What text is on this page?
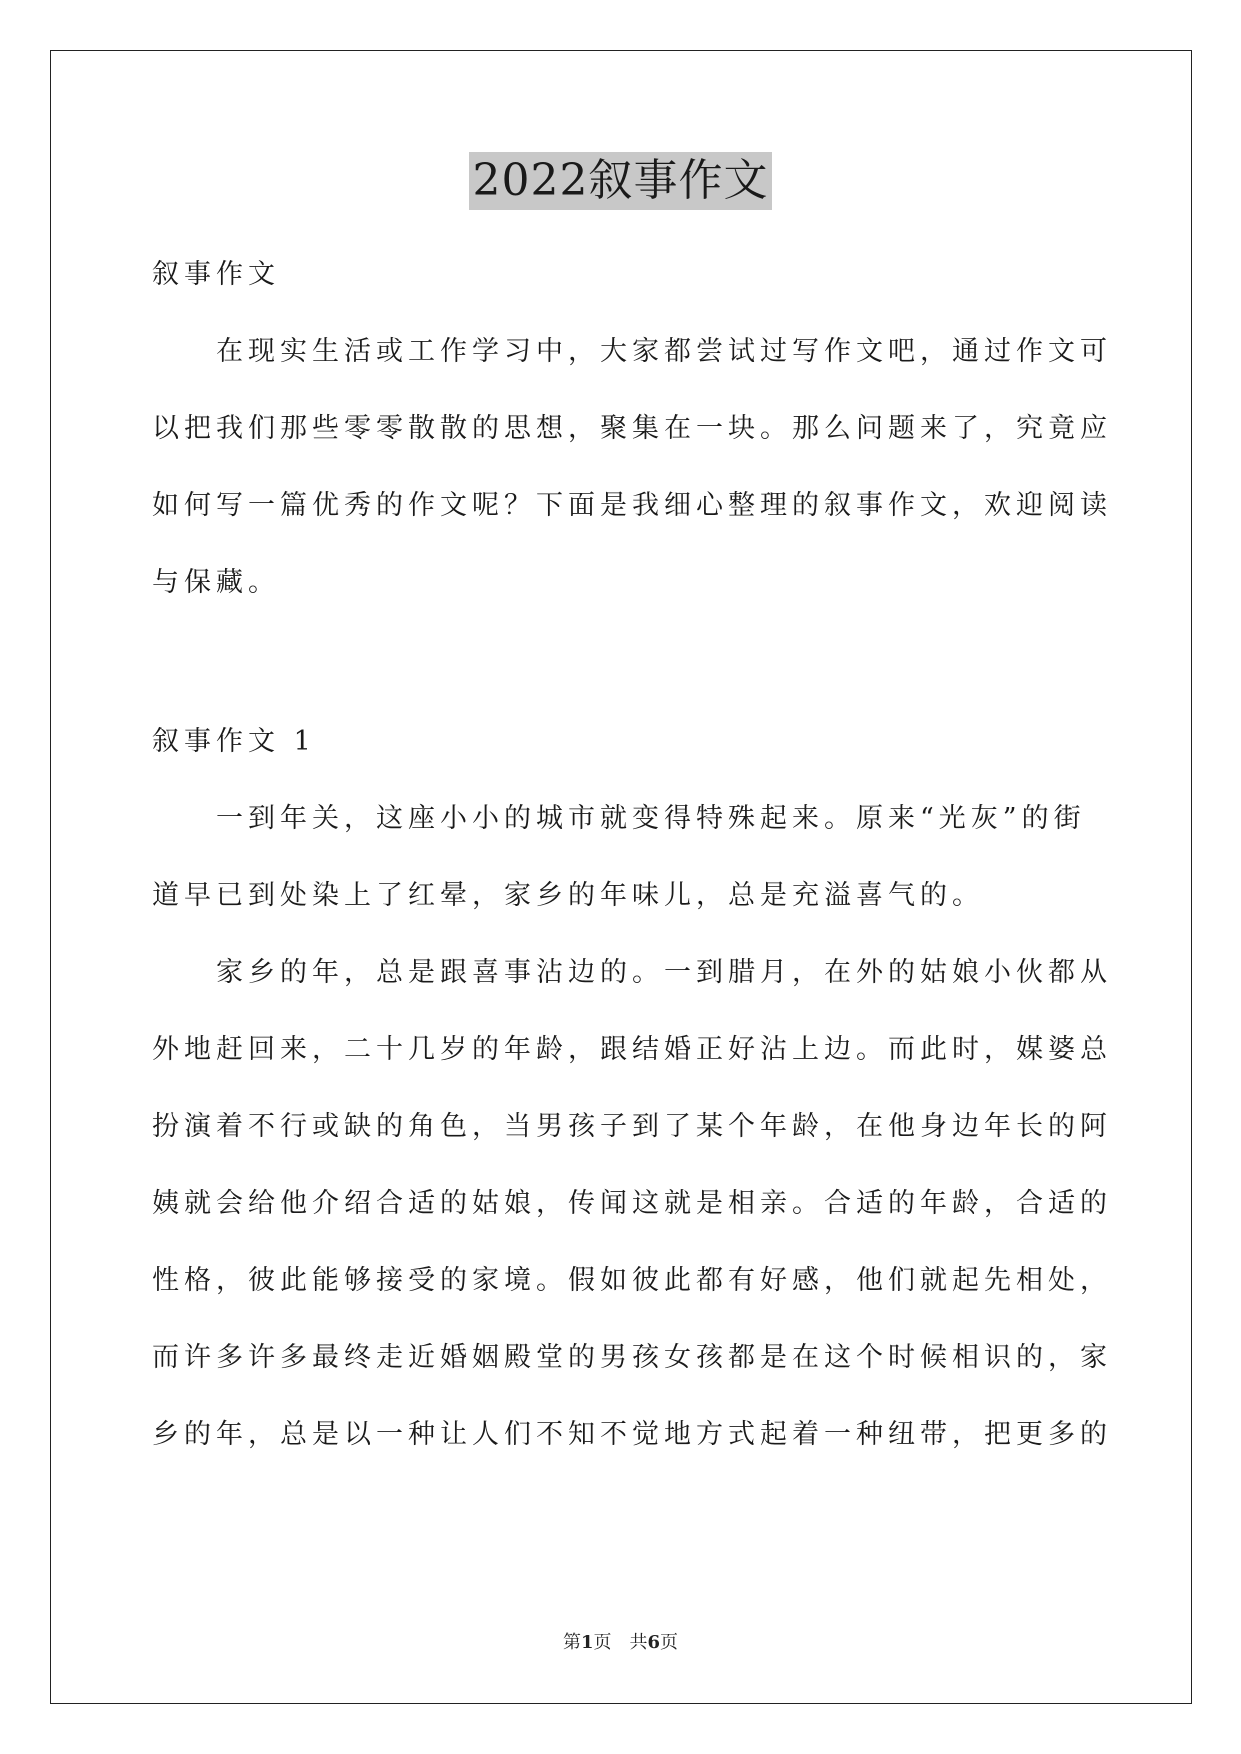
2022叙事作文
叙事作文
在现实生活或工作学习中，大家都尝试过写作文吧，通过作文可
以把我们那些零零散散的思想，聚集在一块。那么问题来了，究竟应
如何写一篇优秀的作文呢？下面是我细心整理的叙事作文，欢迎阅读
与保藏。
叙事作文 1
一到年关，这座小小的城市就变得特殊起来。原来“光灰”的街
道早已到处染上了红晕，家乡的年味儿，总是充溢喜气的。
家乡的年，总是跟喜事沾边的。一到腊月，在外的姑娘小伙都从
外地赶回来，二十几岁的年龄，跟结婚正好沾上边。而此时，媒婆总
扮演着不行或缺的角色，当男孩子到了某个年龄，在他身边年长的阿
姨就会给他介绍合适的姑娘，传闻这就是相亲。合适的年龄，合适的
性格，彼此能够接受的家境。假如彼此都有好感，他们就起先相处，
而许多许多最终走近婚姻殿堂的男孩女孩都是在这个时候相识的，家
乡的年，总是以一种让人们不知不觉地方式起着一种纽带，把更多的
第1页　共6页
